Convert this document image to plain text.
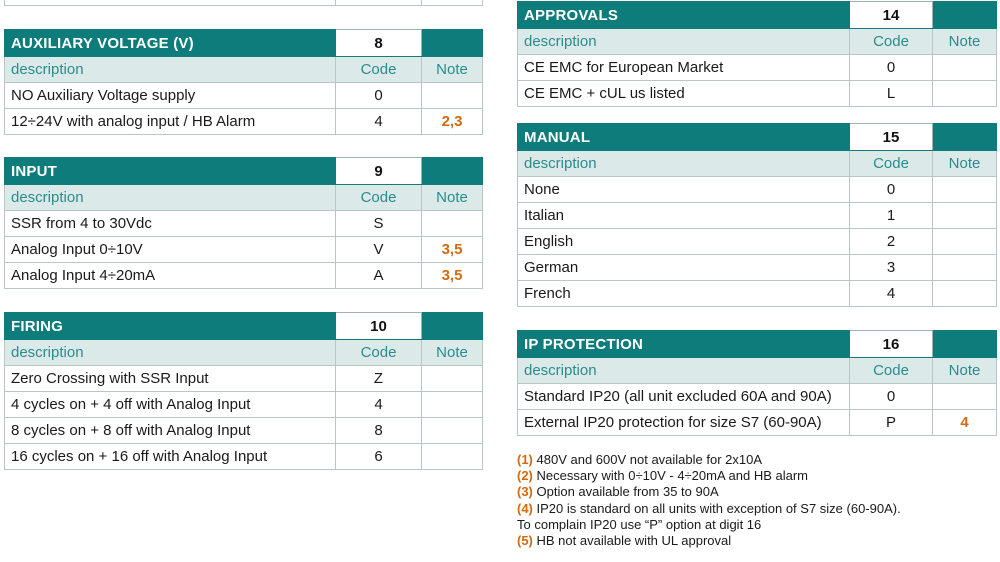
AUXILIARY VOLTAGE (V)	8	
description	Code	Note
NO Auxiliary Voltage supply	0	
12÷24V with analog input / HB Alarm	4	2,3
INPUT	9	
description	Code	Note
SSR from 4 to 30Vdc	S	
Analog Input 0÷10V	V	3,5
Analog Input 4÷20mA	A	3,5
FIRING	10	
description	Code	Note
Zero Crossing with SSR Input	Z	
4 cycles on + 4 off with Analog Input	4	
8 cycles on + 8 off with Analog Input	8	
16 cycles on + 16 off with Analog Input	6	
APPROVALS	14	
description	Code	Note
CE EMC for European Market	0	
CE EMC + cUL us listed	L	
MANUAL	15	
description	Code	Note
None	0	
Italian	1	
English	2	
German	3	
French	4	
IP PROTECTION	16	
description	Code	Note
Standard IP20 (all unit excluded 60A and 90A)	0	
External IP20 protection for size S7 (60-90A)	P	4
(1) 480V and 600V not available for 2x10A
(2) Necessary with 0÷10V - 4÷20mA and HB alarm
(3) Option available from 35 to 90A
(4) IP20 is standard on all units with exception of S7 size (60-90A).
To complain IP20 use “P” option at digit 16
(5) HB not available with UL approval
